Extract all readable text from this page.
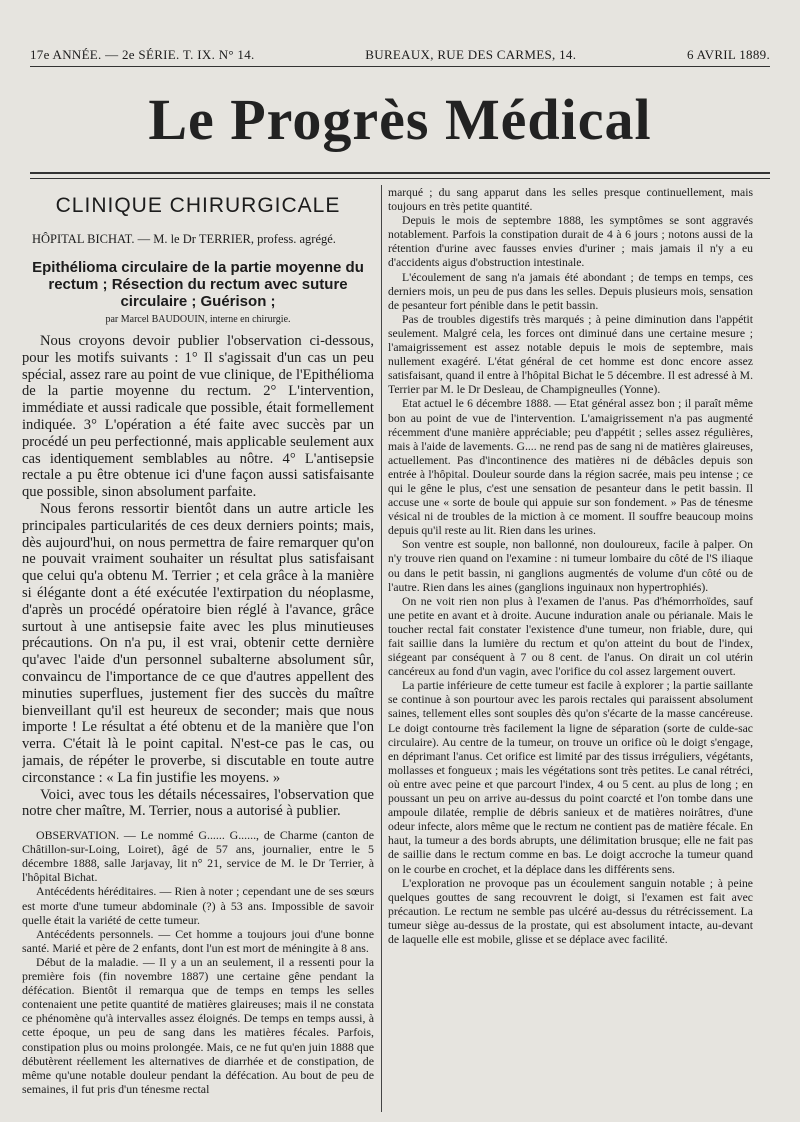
17e ANNÉE. — 2e SÉRIE. T. IX. N° 14.	BUREAUX, RUE DES CARMES, 14.	6 AVRIL 1889.
Le Progrès Médical
CLINIQUE CHIRURGICALE
HÔPITAL BICHAT. — M. le Dr TERRIER, profess. agrégé.
Epithélioma circulaire de la partie moyenne du rectum ; Résection du rectum avec suture circulaire ; Guérison ;
par Marcel BAUDOUIN, interne en chirurgie.

Nous croyons devoir publier l'observation ci-dessous, pour les motifs suivants : 1° Il s'agissait d'un cas un peu spécial, assez rare au point de vue clinique, de l'Epithélioma de la partie moyenne du rectum. 2° L'intervention, immédiate et aussi radicale que possible, était formellement indiquée. 3° L'opération a été faite avec succès par un procédé un peu perfectionné, mais applicable seulement aux cas identiquement semblables au nôtre. 4° L'antisepsie rectale a pu être obtenue ici d'une façon aussi satisfaisante que possible, sinon absolument parfaite.

Nous ferons ressortir bientôt dans un autre article les principales particularités de ces deux derniers points; mais, dès aujourd'hui, on nous permettra de faire remarquer qu'on ne pouvait vraiment souhaiter un résultat plus satisfaisant que celui qu'a obtenu M. Terrier ; et cela grâce à la manière si élégante dont a été exécutée l'extirpation du néoplasme, d'après un procédé opératoire bien réglé à l'avance, grâce surtout à une antisepsie faite avec les plus minutieuses précautions. On n'a pu, il est vrai, obtenir cette dernière qu'avec l'aide d'un personnel subalterne absolument sûr, convaincu de l'importance de ce que d'autres appellent des minuties superflues, justement fier des succès du maître bienveillant qu'il est heureux de seconder; mais que nous importe ! Le résultat a été obtenu et de la manière que l'on verra. C'était là le point capital. N'est-ce pas le cas, ou jamais, de répéter le proverbe, si discutable en toute autre circonstance : « La fin justifie les moyens. »

Voici, avec tous les détails nécessaires, l'observation que notre cher maître, M. Terrier, nous a autorisé à publier.

OBSERVATION. — Le nommé G...... G......, de Charme (canton de Châtillon-sur-Loing, Loiret), âgé de 57 ans, journalier, entre le 5 décembre 1888, salle Jarjavay, lit n° 21, service de M. le Dr Terrier, à l'hôpital Bichat.

Antécédents héréditaires. — Rien à noter ; cependant une de ses sœurs est morte d'une tumeur abdominale (?) à 53 ans. Impossible de savoir quelle était la variété de cette tumeur.

Antécédents personnels. — Cet homme a toujours joui d'une bonne santé. Marié et père de 2 enfants, dont l'un est mort de méningite à 8 ans.

Début de la maladie. — Il y a un an seulement, il a ressenti pour la première fois (fin novembre 1887) une certaine gêne pendant la défécation. Bientôt il remarqua que de temps en temps les selles contenaient une petite quantité de matières glaireuses; mais il ne constata ce phénomène qu'à intervalles assez éloignés. De temps en temps aussi, à cette époque, un peu de sang dans les matières fécales. Parfois, constipation plus ou moins prolongée. Mais, ce ne fut qu'en juin 1888 que débutèrent réellement les alternatives de diarrhée et de constipation, de même qu'une notable douleur pendant la défécation. Au bout de peu de semaines, il fut pris d'un ténesme rectal

marqué ; du sang apparut dans les selles presque continuellement, mais toujours en très petite quantité.

Depuis le mois de septembre 1888, les symptômes se sont aggravés notablement. Parfois la constipation durait de 4 à 6 jours ; notons aussi de la rétention d'urine avec fausses envies d'uriner ; mais jamais il n'y a eu d'accidents aigus d'obstruction intestinale.

L'écoulement de sang n'a jamais été abondant ; de temps en temps, ces derniers mois, un peu de pus dans les selles. Depuis plusieurs mois, sensation de pesanteur fort pénible dans le petit bassin.

Pas de troubles digestifs très marqués ; à peine diminution dans l'appétit seulement. Malgré cela, les forces ont diminué dans une certaine mesure ; l'amaigrissement est assez notable depuis le mois de septembre, mais nullement exagéré. L'état général de cet homme est donc encore assez satisfaisant, quand il entre à l'hôpital Bichat le 5 décembre. Il est adressé à M. Terrier par M. le Dr Desleau, de Champigneulles (Yonne).

Etat actuel le 6 décembre 1888. — Etat général assez bon ; il paraît même bon au point de vue de l'intervention. L'amaigrissement n'a pas augmenté récemment d'une manière appréciable; peu d'appétit ; selles assez régulières, mais à l'aide de lavements. G.... ne rend pas de sang ni de matières glaireuses, actuellement. Pas d'incontinence des matières ni de débâcles depuis son entrée à l'hôpital. Douleur sourde dans la région sacrée, mais peu intense ; ce qui le gêne le plus, c'est une sensation de pesanteur dans le petit bassin. Il accuse une « sorte de boule qui appuie sur son fondement. » Pas de ténesme vésical ni de troubles de la miction à ce moment. Il souffre beaucoup moins depuis qu'il reste au lit. Rien dans les urines.

Son ventre est souple, non ballonné, non douloureux, facile à palper. On n'y trouve rien quand on l'examine : ni tumeur lombaire du côté de l'S iliaque ou dans le petit bassin, ni ganglions augmentés de volume d'un côté ou de l'autre. Rien dans les aines (ganglions inguinaux non hypertrophiés).

On ne voit rien non plus à l'examen de l'anus. Pas d'hémorrhoïdes, sauf une petite en avant et à droite. Aucune induration anale ou périanale. Mais le toucher rectal fait constater l'existence d'une tumeur, non friable, dure, qui fait saillie dans la lumière du rectum et qu'on atteint du bout de l'index, siégeant par conséquent à 7 ou 8 cent. de l'anus. On dirait un col utérin cancéreux au fond d'un vagin, avec l'orifice du col assez largement ouvert.

La partie inférieure de cette tumeur est facile à explorer ; la partie saillante se continue à son pourtour avec les parois rectales qui paraissent absolument saines, tellement elles sont souples dès qu'on s'écarte de la masse cancéreuse. Le doigt contourne très facilement la ligne de séparation (sorte de culde-sac circulaire). Au centre de la tumeur, on trouve un orifice où le doigt s'engage, en déprimant l'anus. Cet orifice est limité par des tissus irréguliers, végétants, mollasses et fongueux ; mais les végétations sont très petites. Le canal rétréci, où entre avec peine et que parcourt l'index, 4 ou 5 cent. au plus de long ; en poussant un peu on arrive au-dessus du point coarcté et l'on tombe dans une ampoule dilatée, remplie de débris sanieux et de matières noirâtres, d'une odeur infecte, alors même que le rectum ne contient pas de matière fécale. En haut, la tumeur a des bords abrupts, une délimitation brusque; elle ne fait pas de saillie dans le rectum comme en bas. Le doigt accroche la tumeur quand on le courbe en crochet, et la déplace dans les différents sens.

L'exploration ne provoque pas un écoulement sanguin notable ; à peine quelques gouttes de sang recouvrent le doigt, si l'examen est fait avec précaution. Le rectum ne semble pas ulcéré au-dessus du rétrécissement. La tumeur siège au-dessus de la prostate, qui est absolument intacte, au-devant de laquelle elle est mobile, glisse et se déplace avec facilité.
